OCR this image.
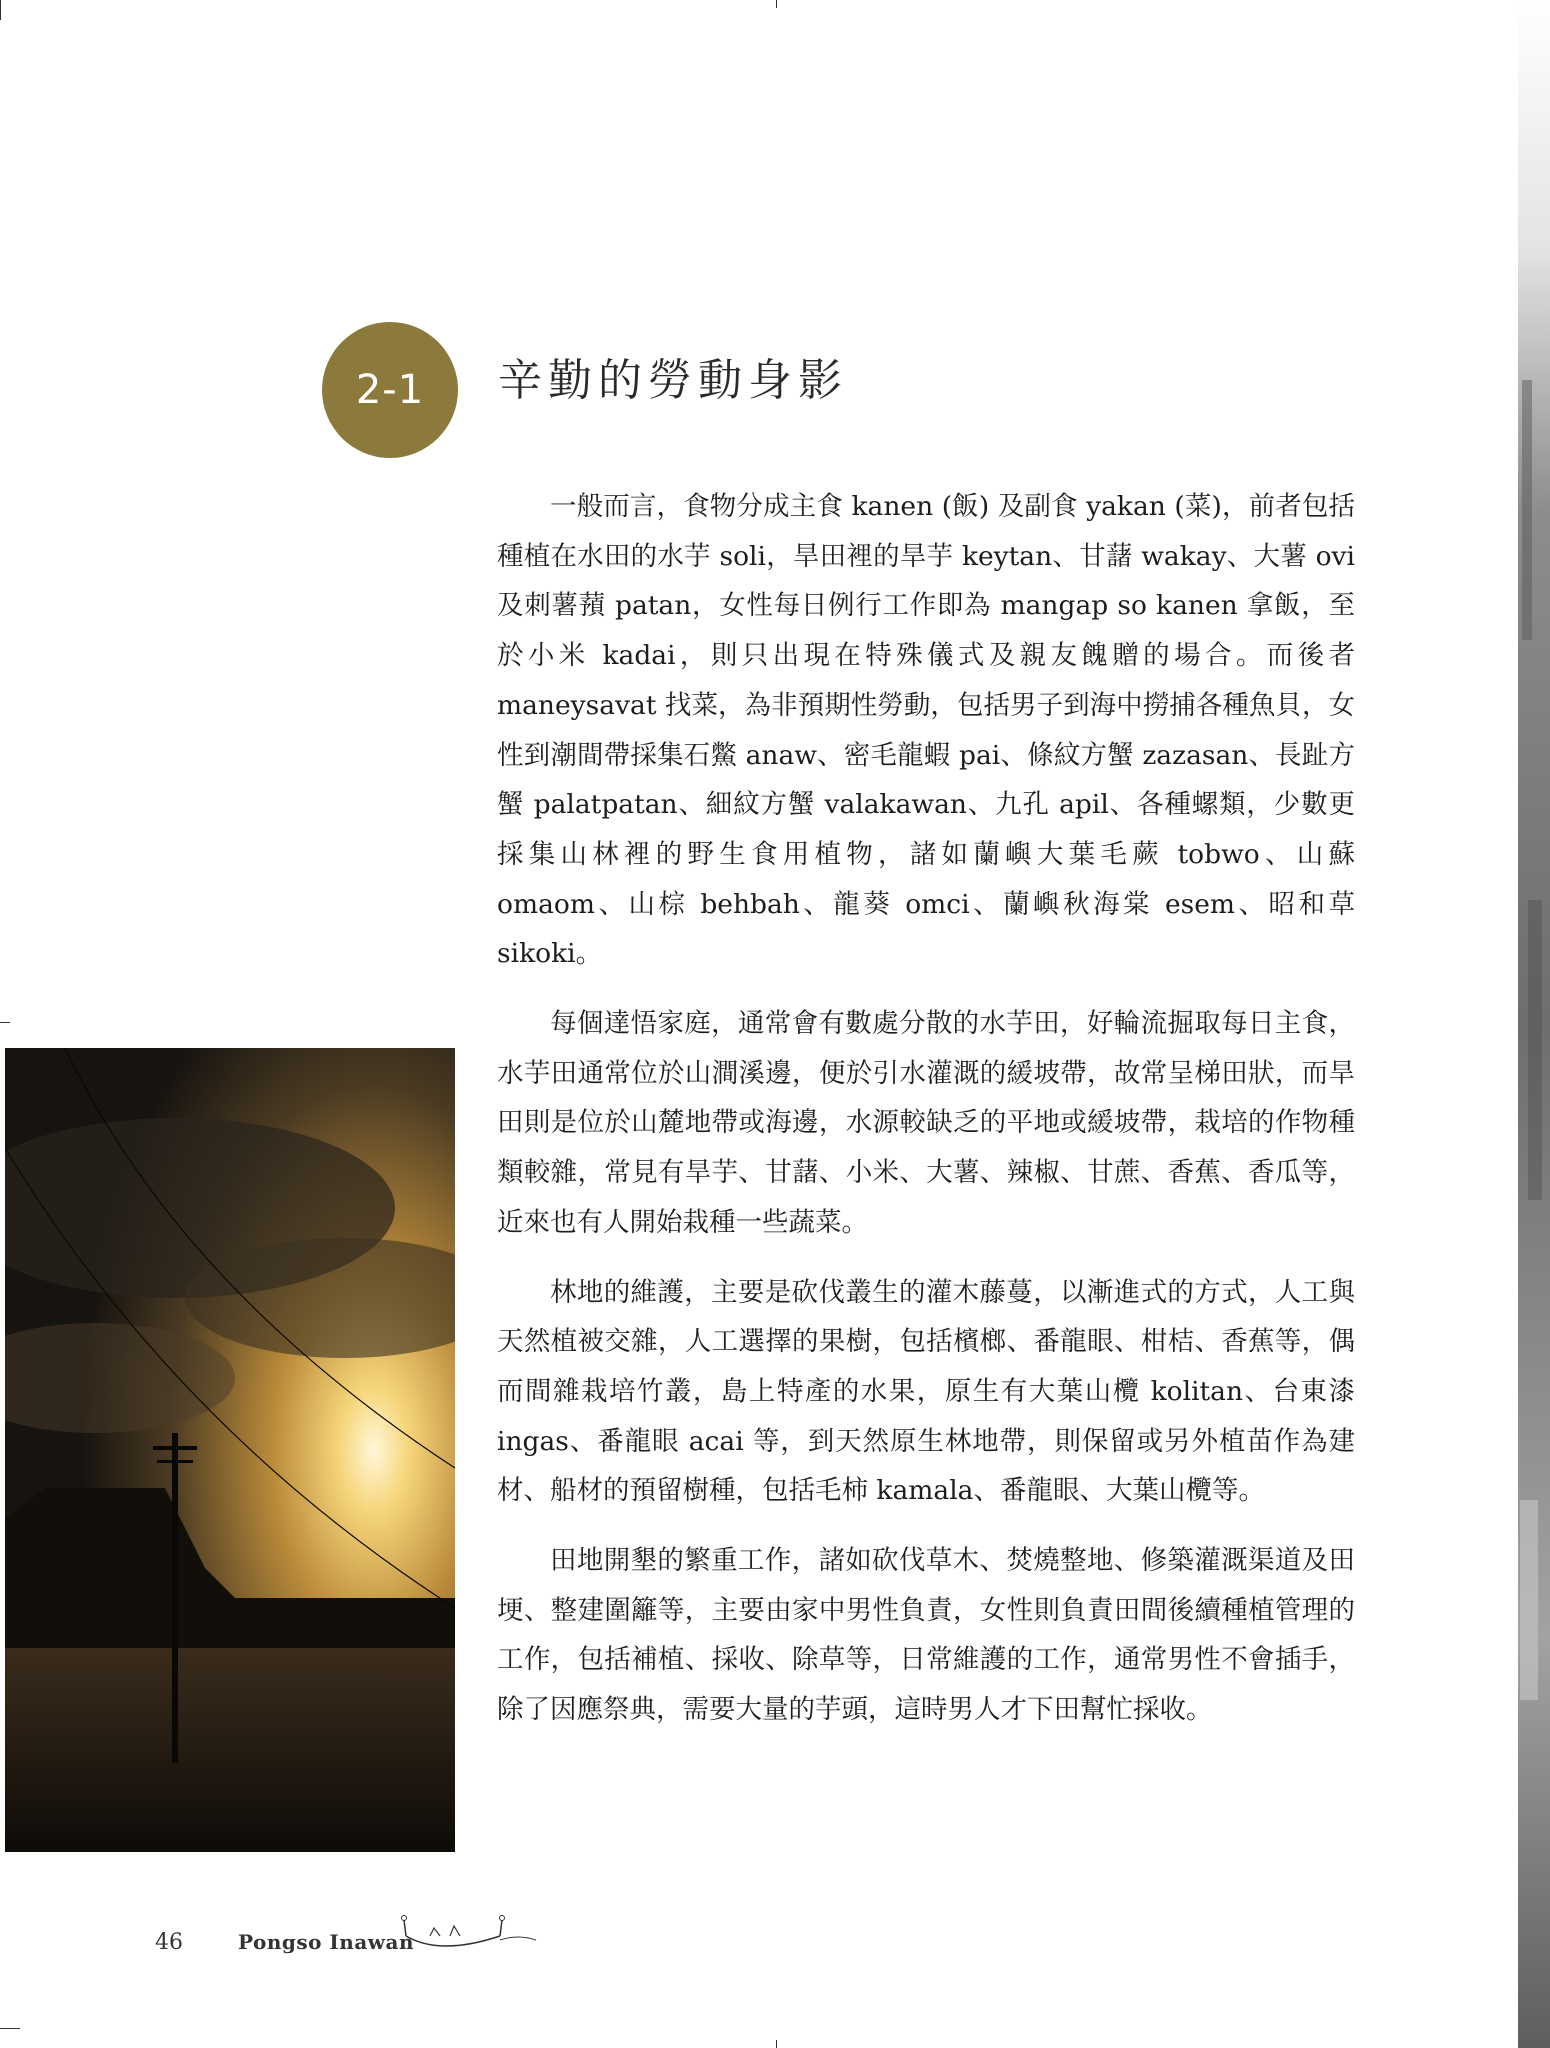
2-1 辛勤的勞動身影

一般而言，食物分成主食 kanen (飯) 及副食 yakan (菜)，前者包括種植在水田的水芋 soli，旱田裡的旱芋 keytan、甘藷 wakay、大薯 ovi 及刺薯蕷 patan，女性每日例行工作即為 mangap so kanen 拿飯，至於小米 kadai，則只出現在特殊儀式及親友餽贈的場合。而後者 maneysavat 找菜，為非預期性勞動，包括男子到海中撈捕各種魚貝，女性到潮間帶採集石鱉 anaw、密毛龍蝦 pai、條紋方蟹 zazasan、長趾方蟹 palatpatan、細紋方蟹 valakawan、九孔 apil、各種螺類，少數更採集山林裡的野生食用植物，諸如蘭嶼大葉毛蕨 tobwo、山蘇 omaom、山棕 behbah、龍葵 omci、蘭嶼秋海棠 esem、昭和草 sikoki。

每個達悟家庭，通常會有數處分散的水芋田，好輪流掘取每日主食，水芋田通常位於山澗溪邊，便於引水灌溉的緩坡帶，故常呈梯田狀，而旱田則是位於山麓地帶或海邊，水源較缺乏的平地或緩坡帶，栽培的作物種類較雜，常見有旱芋、甘藷、小米、大薯、辣椒、甘蔗、香蕉、香瓜等，近來也有人開始栽種一些蔬菜。

林地的維護，主要是砍伐叢生的灌木藤蔓，以漸進式的方式，人工與天然植被交雜，人工選擇的果樹，包括檳榔、番龍眼、柑桔、香蕉等，偶而間雜栽培竹叢，島上特產的水果，原生有大葉山欖 kolitan、台東漆 ingas、番龍眼 acai 等，到天然原生林地帶，則保留或另外植苗作為建材、船材的預留樹種，包括毛柿 kamala、番龍眼、大葉山欖等。

田地開墾的繁重工作，諸如砍伐草木、焚燒整地、修築灌溉渠道及田埂、整建圍籬等，主要由家中男性負責，女性則負責田間後續種植管理的工作，包括補植、採收、除草等，日常維護的工作，通常男性不會插手，除了因應祭典，需要大量的芋頭，這時男人才下田幫忙採收。

46	Pongso Inawan
